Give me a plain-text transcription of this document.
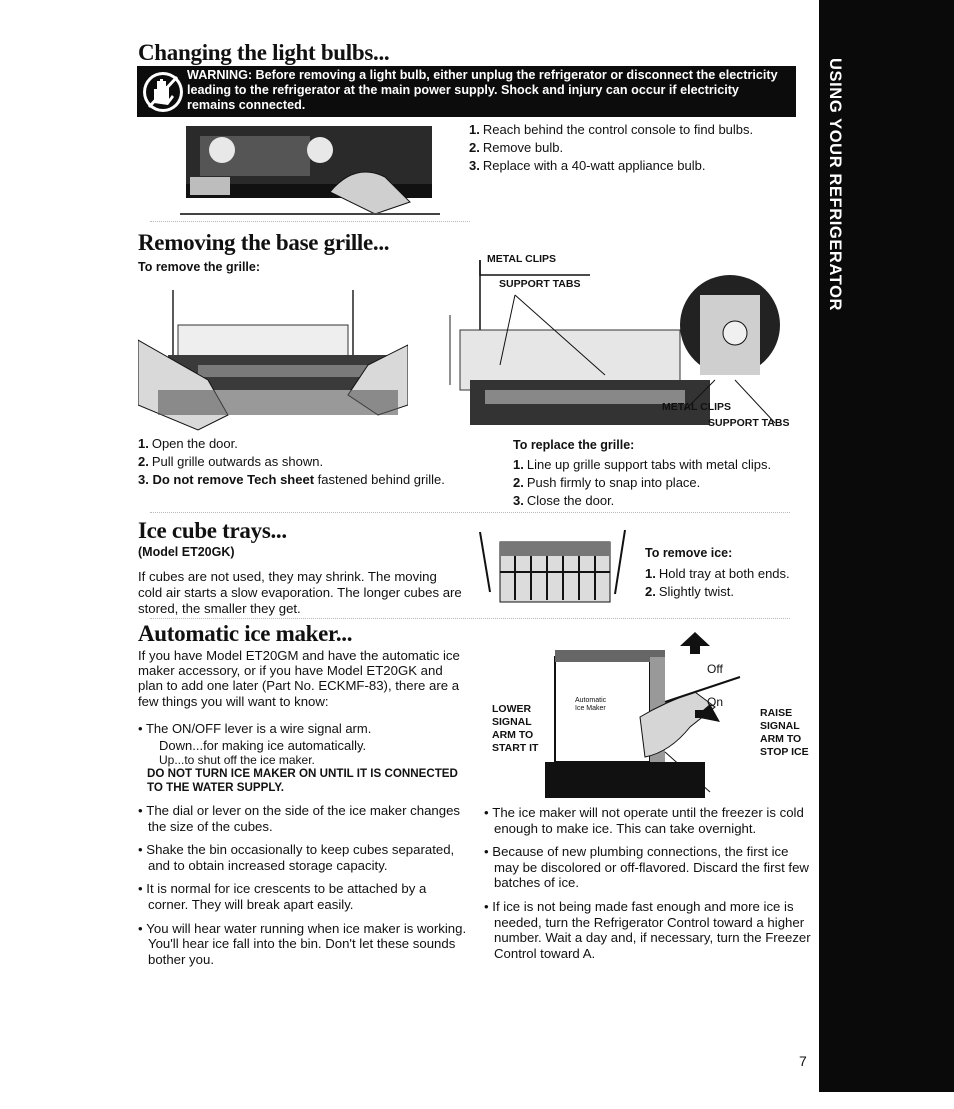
USING YOUR REFRIGERATOR
Changing the light bulbs...
WARNING: Before removing a light bulb, either unplug the refrigerator or disconnect the electricity leading to the refrigerator at the main power supply. Shock and injury can occur if electricity remains connected.
1. Reach behind the control console to find bulbs.
2. Remove bulb.
3. Replace with a 40-watt appliance bulb.
Removing the base grille...
To remove the grille:
METAL CLIPS
SUPPORT TABS
METAL CLIPS
SUPPORT TABS
1. Open the door.
2. Pull grille outwards as shown.
3. Do not remove Tech sheet fastened behind grille.
To replace the grille:
1. Line up grille support tabs with metal clips.
2. Push firmly to snap into place.
3. Close the door.
Ice cube trays...
(Model ET20GK)
If cubes are not used, they may shrink. The moving cold air starts a slow evaporation. The longer cubes are stored, the smaller they get.
To remove ice:
1. Hold tray at both ends.
2. Slightly twist.
Automatic ice maker...
If you have Model ET20GM and have the automatic ice maker accessory, or if you have Model ET20GK and plan to add one later (Part No. ECKMF-83), there are a few things you will want to know:
• The ON/OFF lever is a wire signal arm.
Down...for making ice automatically.
Up...to shut off the ice maker.
DO NOT TURN ICE MAKER ON UNTIL IT IS CONNECTED TO THE WATER SUPPLY.
• The dial or lever on the side of the ice maker changes the size of the cubes.
• Shake the bin occasionally to keep cubes separated, and to obtain increased storage capacity.
• It is normal for ice crescents to be attached by a corner. They will break apart easily.
• You will hear water running when ice maker is working. You'll hear ice fall into the bin. Don't let these sounds bother you.
Automatic Ice Maker
Off
On
LOWER SIGNAL ARM TO START IT
RAISE SIGNAL ARM TO STOP ICE
• The ice maker will not operate until the freezer is cold enough to make ice. This can take overnight.
• Because of new plumbing connections, the first ice may be discolored or off-flavored. Discard the first few batches of ice.
• If ice is not being made fast enough and more ice is needed, turn the Refrigerator Control toward a higher number. Wait a day and, if necessary, turn the Freezer Control toward A.
7
